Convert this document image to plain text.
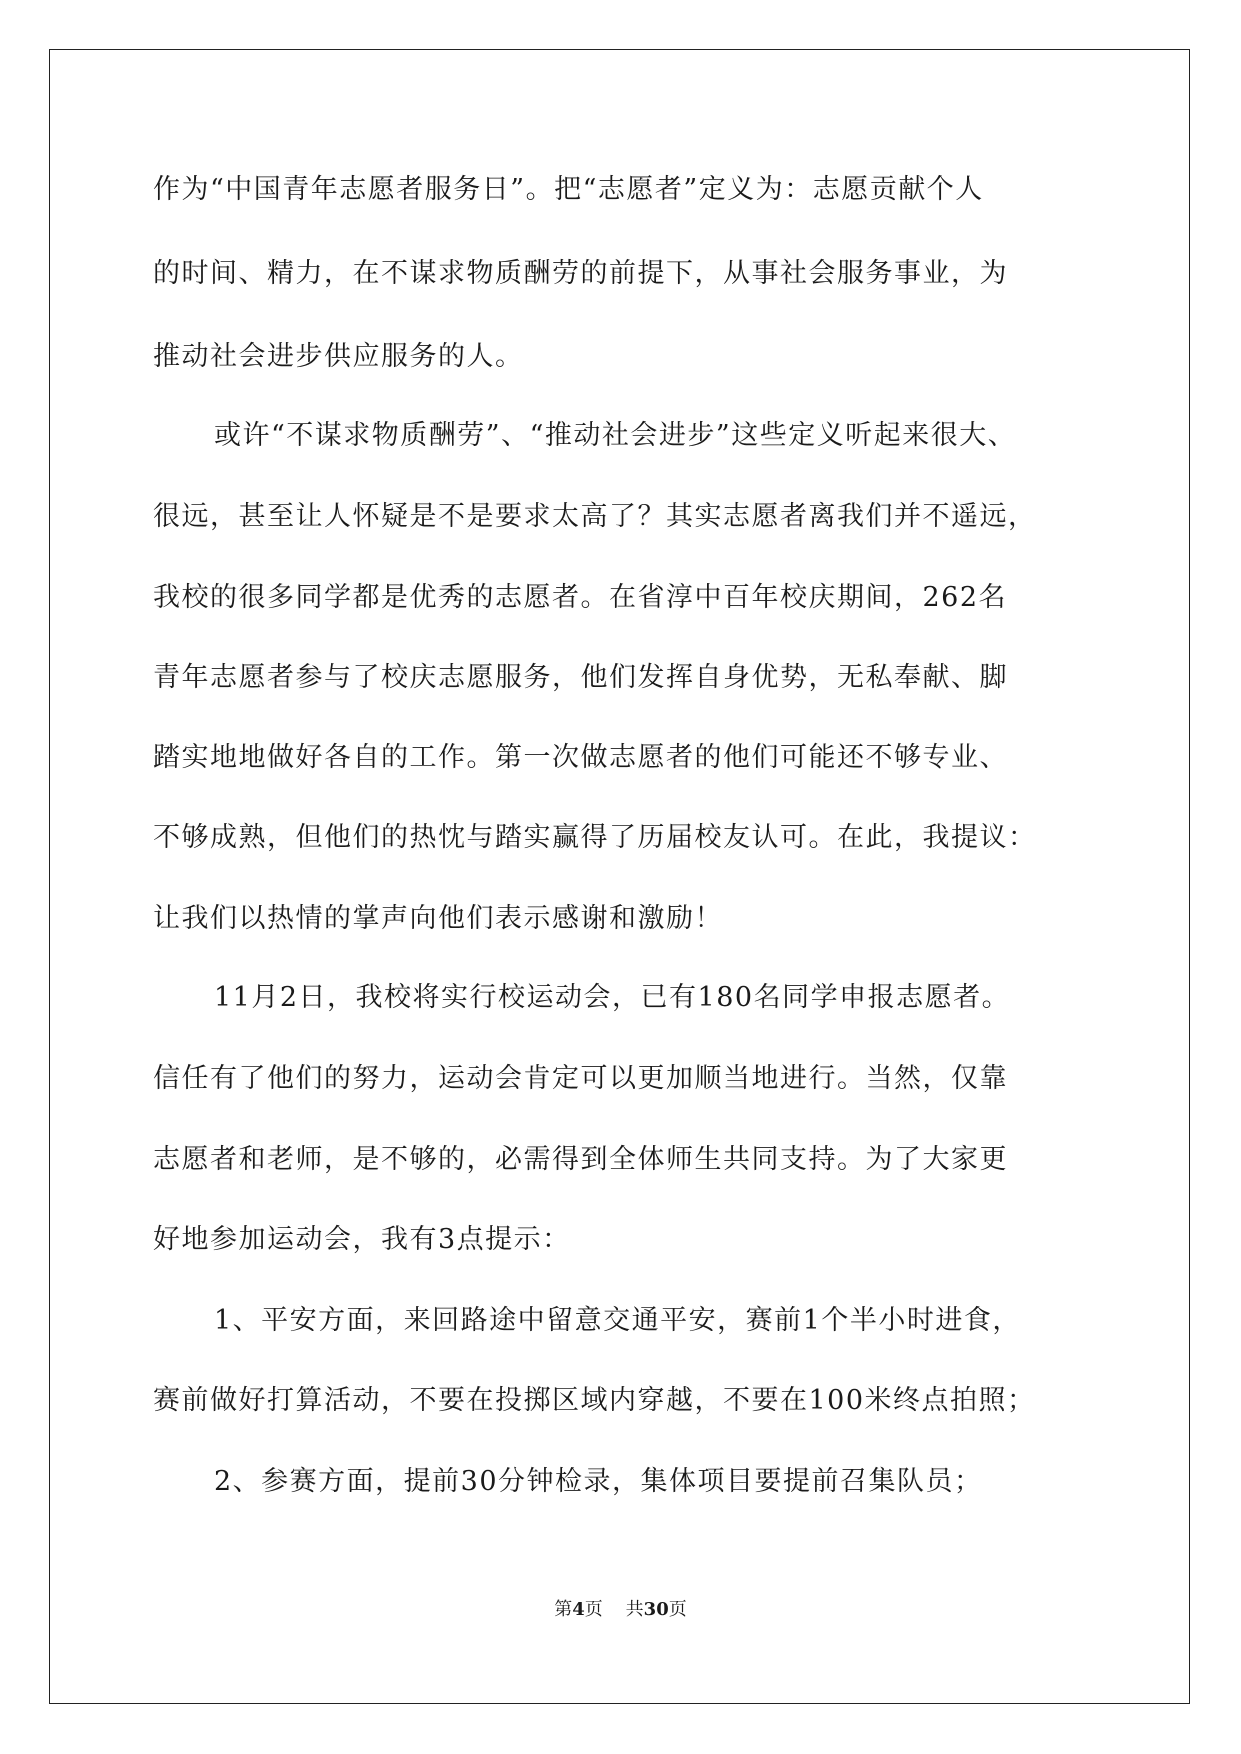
作为“中国青年志愿者服务日”。把“志愿者”定义为：志愿贡献个人
的时间、精力，在不谋求物质酬劳的前提下，从事社会服务事业，为
推动社会进步供应服务的人。
或许“不谋求物质酬劳”、“推动社会进步”这些定义听起来很大、
很远，甚至让人怀疑是不是要求太高了？其实志愿者离我们并不遥远，
我校的很多同学都是优秀的志愿者。在省淳中百年校庆期间，262名
青年志愿者参与了校庆志愿服务，他们发挥自身优势，无私奉献、脚
踏实地地做好各自的工作。第一次做志愿者的他们可能还不够专业、
不够成熟，但他们的热忱与踏实赢得了历届校友认可。在此，我提议：
让我们以热情的掌声向他们表示感谢和激励！
11月2日，我校将实行校运动会，已有180名同学申报志愿者。
信任有了他们的努力，运动会肯定可以更加顺当地进行。当然，仅靠
志愿者和老师，是不够的，必需得到全体师生共同支持。为了大家更
好地参加运动会，我有3点提示：
1、平安方面，来回路途中留意交通平安，赛前1个半小时进食，
赛前做好打算活动，不要在投掷区域内穿越，不要在100米终点拍照；
2、参赛方面，提前30分钟检录，集体项目要提前召集队员；
第4页 共30页
